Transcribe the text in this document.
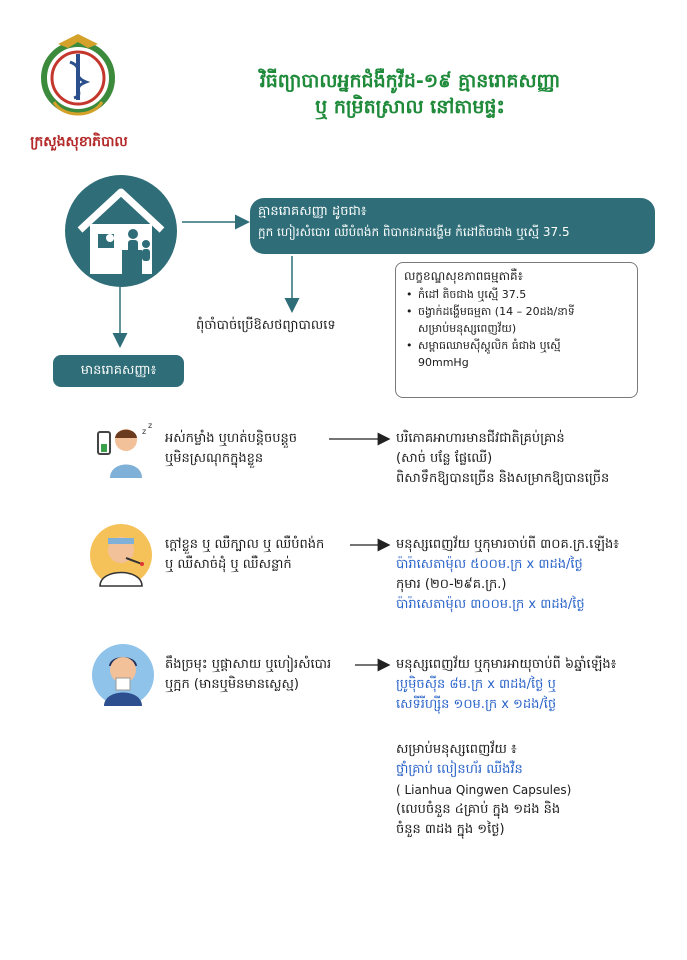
ក្រសួងសុខាភិបាល
វិធីព្យាបាលអ្នកជំងឺកូវីដ-១៩ គ្មានរោគសញ្ញា
ឬ កម្រិតស្រាល នៅតាមផ្ទះ
គ្មានរោគសញ្ញា ដូចជា៖
ក្អក ហៀរសំបោរ ឈឺបំពង់ក ពិបាកដកដង្ហើម កំដៅតិចជាង ឬស្មើ 37.5
ពុំចាំបាច់ប្រើឱសថព្យាបាលទេ
លក្ខខណ្ឌសុខភាពធម្មតាគឺ៖
• កំដៅ តិចជាង ឬស្មើ 37.5
• ចង្វាក់ដង្ហើមធម្មតា (14 – 20ដង/នាទី
សម្រាប់មនុស្សពេញវ័យ)
• សម្ពាធឈាមស៊ីស្តូលិក ធំជាង ឬស្មើ
90mmHg
មានរោគសញ្ញា៖
z
z
អស់កម្លាំង ឬហត់បន្តិចបន្តួច
ឬមិនស្រណុកក្នុងខ្លួន
បរិភោគអាហារមានជីវជាតិគ្រប់គ្រាន់
(សាច់ បន្លែ ផ្លែឈើ)
ពិសាទឹកឱ្យបានច្រើន និងសម្រាកឱ្យបានច្រើន
ក្ដៅខ្លួន ឬ ឈឺក្បាល ឬ ឈឺបំពង់ក
ឬ ឈឺសាច់ដុំ ឬ ឈឺសន្លាក់
មនុស្សពេញវ័យ ឬកុមារចាប់ពី ៣០គ.ក្រ.ឡើង៖
ប៉ារ៉ាសេតាម៉ុល ៥០០ម.ក្រ x ៣ដង/ថ្ងៃ
កុមារ (២០-២៩គ.ក្រ.)
ប៉ារ៉ាសេតាម៉ុល ៣០០ម.ក្រ x ៣ដង/ថ្ងៃ
តឹងច្រមុះ ឬផ្ដាសាយ ឬហៀរសំបោរ
ឬក្អក (មានឬមិនមានស្លេស្ម)
មនុស្សពេញវ័យ ឬកុមារអាយុចាប់ពី ៦ឆ្នាំឡើង៖
ប្រូម៉ិចស៊ីន ៨ម.ក្រ x ៣ដង/ថ្ងៃ ឬ
សេទីរីហ្ស៊ីន ១០ម.ក្រ x ១ដង/ថ្ងៃ
សម្រាប់មនុស្សពេញវ័យ ៖
ថ្នាំគ្រាប់ លៀនហ័រ ឈីងវឺន
( Lianhua Qingwen Capsules)
(លេបចំនួន ៤គ្រាប់ ក្នុង ១ដង និង
ចំនួន ៣ដង ក្នុង ១ថ្ងៃ)
